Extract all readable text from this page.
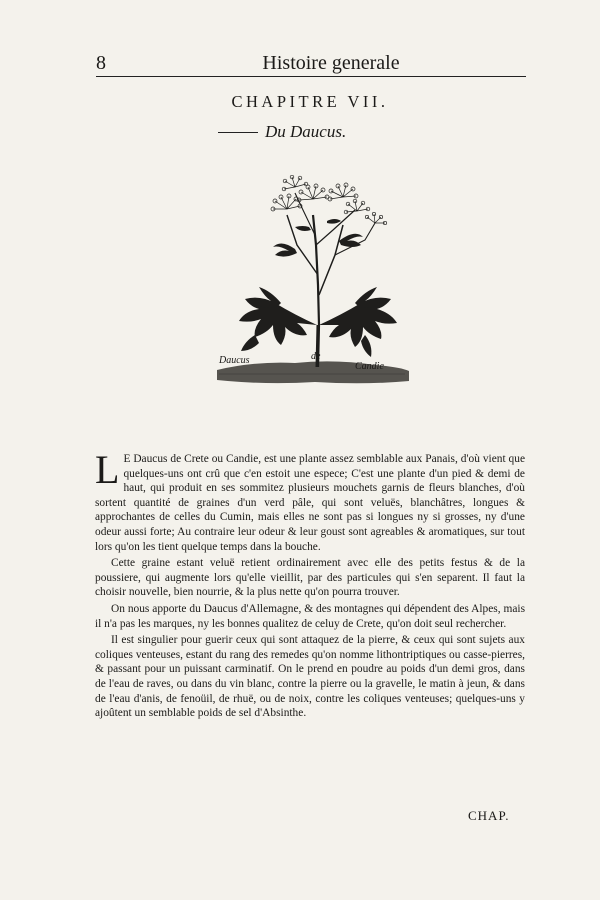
8	Histoire generale
CHAPITRE VII.
Du Daucus.
Daucus	de
Candie

L E Daucus de Crete ou Candie, est une plante assez semblable aux Panais, d'où vient que quelques-uns ont crû que c'en estoit une espece; C'est une plante d'un pied & demi de haut, qui produit en ses sommitez plusieurs mouchets garnis de fleurs blanches, d'où sortent quantité de graines d'un verd pâle, qui sont veluës, blanchâtres, longues & approchantes de celles du Cumin, mais elles ne sont pas si longues ny si grosses, ny d'une odeur aussi forte; Au contraire leur odeur & leur goust sont agreables & aromatiques, sur tout lors qu'on les tient quelque temps dans la bouche.

Cette graine estant veluë retient ordinairement avec elle des petits festus & de la poussiere, qui augmente lors qu'elle vieillit, par des particules qui s'en separent. Il faut la choisir nouvelle, bien nourrie, & la plus nette qu'on pourra trouver.

On nous apporte du Daucus d'Allemagne, & des montagnes qui dépendent des Alpes, mais il n'a pas les marques, ny les bonnes qualitez de celuy de Crete, qu'on doit seul rechercher.

Il est singulier pour guerir ceux qui sont attaquez de la pierre, & ceux qui sont sujets aux coliques venteuses, estant du rang des remedes qu'on nomme lithontriptiques ou casse-pierres, & passant pour un puissant carminatif. On le prend en poudre au poids d'un demi gros, dans de l'eau de raves, ou dans du vin blanc, contre la pierre ou la gravelle, le matin à jeun, & dans de l'eau d'anis, de fenoüil, de rhuë, ou de noix, contre les coliques venteuses; quelques-uns y ajoûtent un semblable poids de sel d'Absinthe.

CHAP.
